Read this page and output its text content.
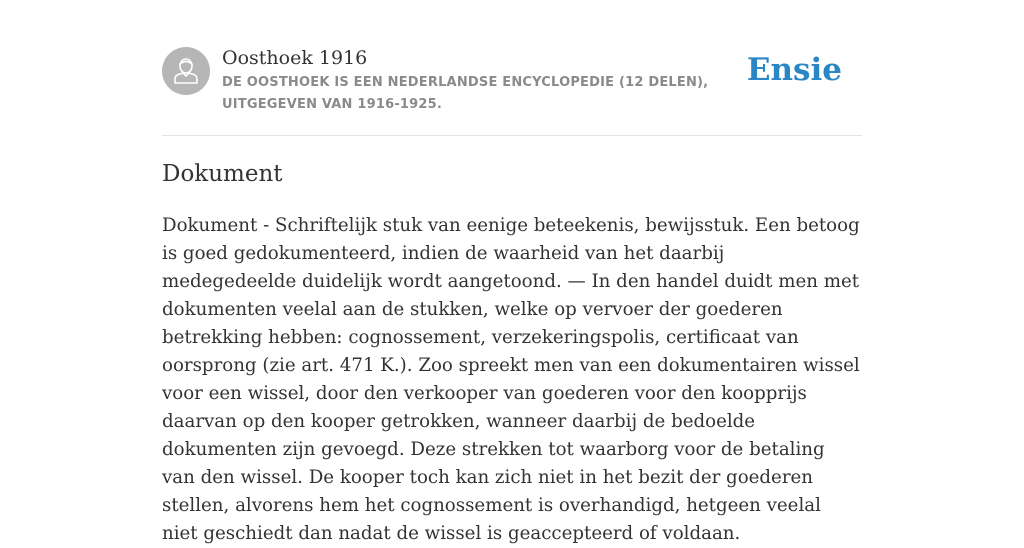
Oosthoek 1916
DE OOSTHOEK IS EEN NEDERLANDSE ENCYCLOPEDIE (12 DELEN), UITGEGEVEN VAN 1916-1925.
Ensie
Dokument

Dokument - Schriftelijk stuk van eenige beteekenis, bewijsstuk. Een betoog is goed gedokumenteerd, indien de waarheid van het daarbij medegedeelde duidelijk wordt aangetoond. — In den handel duidt men met dokumenten veelal aan de stukken, welke op vervoer der goederen betrekking hebben: cognossement, verzekeringspolis, certificaat van oorsprong (zie art. 471 K.). Zoo spreekt men van een dokumentairen wissel voor een wissel, door den verkooper van goederen voor den koopprijs daarvan op den kooper getrokken, wanneer daarbij de bedoelde dokumenten zijn gevoegd. Deze strekken tot waarborg voor de betaling van den wissel. De kooper toch kan zich niet in het bezit der goederen stellen, alvorens hem het cognossement is overhandigd, hetgeen veelal niet geschiedt dan nadat de wissel is geaccepteerd of voldaan.
